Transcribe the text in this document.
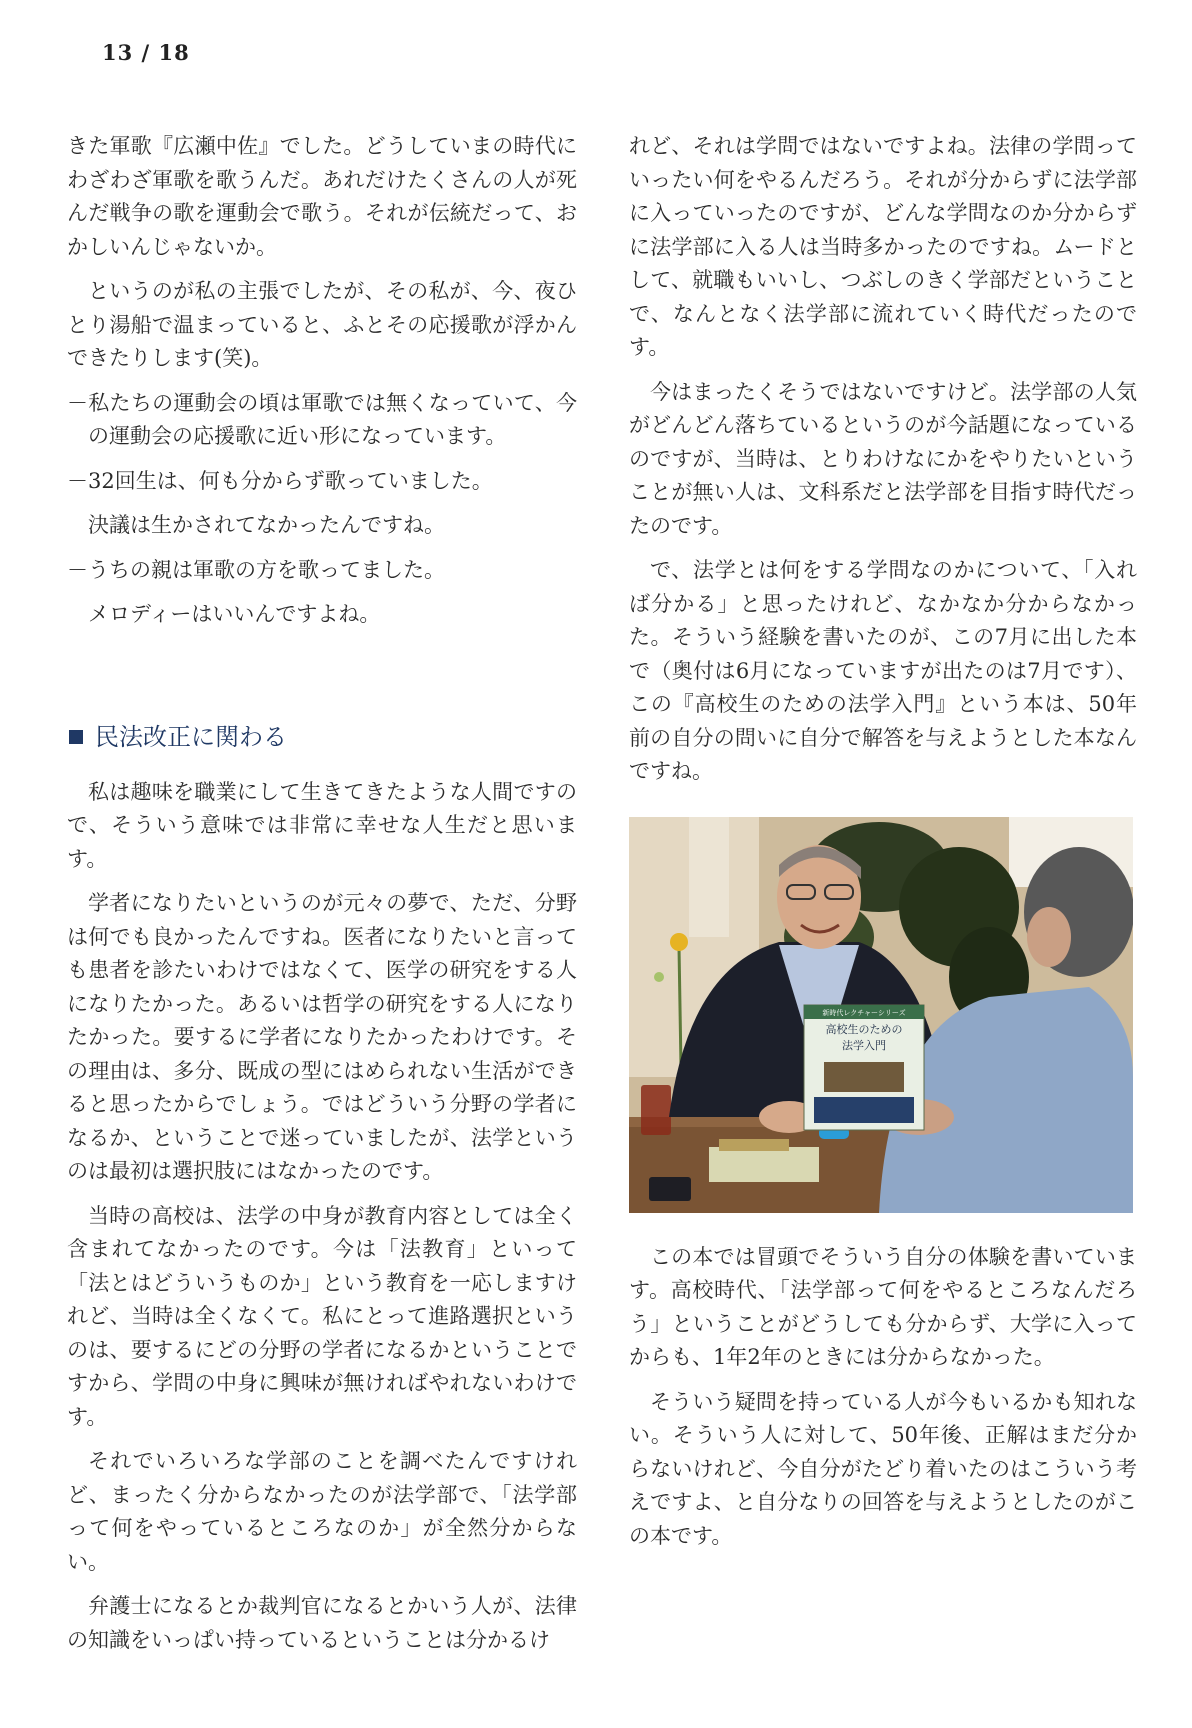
13 / 18

きた軍歌『広瀬中佐』でした。どうしていまの時代にわざわざ軍歌を歌うんだ。あれだけたくさんの人が死んだ戦争の歌を運動会で歌う。それが伝統だって、おかしいんじゃないか。

というのが私の主張でしたが、その私が、今、夜ひとり湯船で温まっていると、ふとその応援歌が浮かんできたりします(笑)。

－私たちの運動会の頃は軍歌では無くなっていて、今の運動会の応援歌に近い形になっています。

－32回生は、何も分からず歌っていました。

決議は生かされてなかったんですね。

－うちの親は軍歌の方を歌ってました。

メロディーはいいんですよね。

民法改正に関わる

私は趣味を職業にして生きてきたような人間ですので、そういう意味では非常に幸せな人生だと思います。

学者になりたいというのが元々の夢で、ただ、分野は何でも良かったんですね。医者になりたいと言っても患者を診たいわけではなくて、医学の研究をする人になりたかった。あるいは哲学の研究をする人になりたかった。要するに学者になりたかったわけです。その理由は、多分、既成の型にはめられない生活ができると思ったからでしょう。ではどういう分野の学者になるか、ということで迷っていましたが、法学というのは最初は選択肢にはなかったのです。

当時の高校は、法学の中身が教育内容としては全く含まれてなかったのです。今は「法教育」といって「法とはどういうものか」という教育を一応しますけれど、当時は全くなくて。私にとって進路選択というのは、要するにどの分野の学者になるかということですから、学問の中身に興味が無ければやれないわけです。

それでいろいろな学部のことを調べたんですけれど、まったく分からなかったのが法学部で、「法学部って何をやっているところなのか」が全然分からない。

弁護士になるとか裁判官になるとかいう人が、法律の知識をいっぱい持っているということは分かるけ

れど、それは学問ではないですよね。法律の学問っていったい何をやるんだろう。それが分からずに法学部に入っていったのですが、どんな学問なのか分からずに法学部に入る人は当時多かったのですね。ムードとして、就職もいいし、つぶしのきく学部だということで、なんとなく法学部に流れていく時代だったのです。

今はまったくそうではないですけど。法学部の人気がどんどん落ちているというのが今話題になっているのですが、当時は、とりわけなにかをやりたいということが無い人は、文科系だと法学部を目指す時代だったのです。

で、法学とは何をする学問なのかについて、「入れば分かる」と思ったけれど、なかなか分からなかった。そういう経験を書いたのが、この7月に出した本で（奥付は6月になっていますが出たのは7月です）、この『高校生のための法学入門』という本は、50年前の自分の問いに自分で解答を与えようとした本なんですね。

新時代レクチャーシリーズ
高校生のための
法学入門

この本では冒頭でそういう自分の体験を書いています。高校時代、「法学部って何をやるところなんだろう」ということがどうしても分からず、大学に入ってからも、1年2年のときには分からなかった。

そういう疑問を持っている人が今もいるかも知れない。そういう人に対して、50年後、正解はまだ分からないけれど、今自分がたどり着いたのはこういう考えですよ、と自分なりの回答を与えようとしたのがこの本です。
